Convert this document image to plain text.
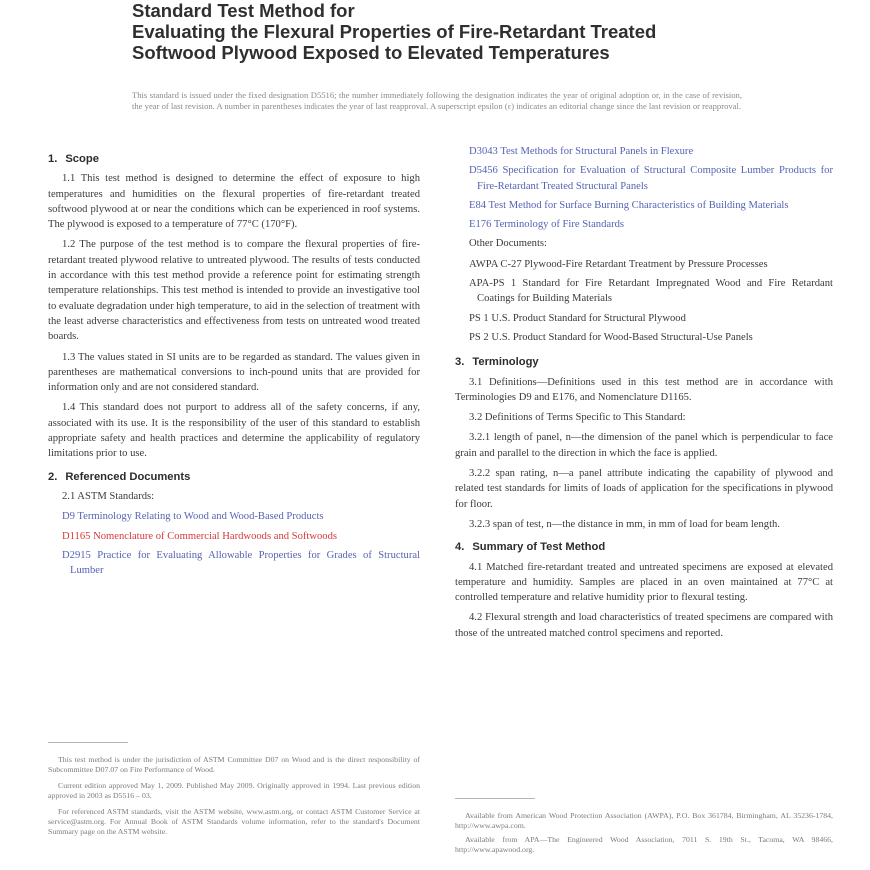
Standard Test Method for
Evaluating the Flexural Properties of Fire-Retardant Treated
Softwood Plywood Exposed to Elevated Temperatures
This standard is issued under the fixed designation D5516; the number immediately following the designation indicates the year of original adoption or, in the case of revision, the year of last revision. A number in parentheses indicates the year of last reapproval. A superscript epsilon (ε) indicates an editorial change since the last revision or reapproval.
1. Scope

1.1 This test method is designed to determine the effect of exposure to high temperatures and humidities on the flexural properties of fire-retardant treated softwood plywood at or near the conditions which can be experienced in roof systems. The plywood is exposed to a temperature of 77°C (170°F).

1.2 The purpose of the test method is to compare the flexural properties of fire-retardant treated plywood relative to untreated plywood. The results of tests conducted in accordance with this test method provide a reference point for estimating strength temperature relationships. This test method is intended to provide an investigative tool to evaluate degradation under high temperature, to aid in the selection of treatment with the least adverse characteristics and effectiveness from tests on untreated wood treated boards.

1.3 The values stated in SI units are to be regarded as standard. The values given in parentheses are mathematical conversions to inch-pound units that are provided for information only and are not considered standard.

1.4 This standard does not purport to address all of the safety concerns, if any, associated with its use. It is the responsibility of the user of this standard to establish appropriate safety and health practices and determine the applicability of regulatory limitations prior to use.

2. Referenced Documents
2.1 ASTM Standards:
D9 Terminology Relating to Wood and Wood-Based Products
D1165 Nomenclature of Commercial Hardwoods and Softwoods
D2915 Practice for Evaluating Allowable Properties for Grades of Structural Lumber

This test method is under the jurisdiction of ASTM Committee D07 on Wood and is the direct responsibility of Subcommittee D07.07 on Fire Performance of Wood.

Current edition approved May 1, 2009. Published May 2009. Originally approved in 1994. Last previous edition approved in 2003 as D5516 – 03.

For referenced ASTM standards, visit the ASTM website, www.astm.org, or contact ASTM Customer Service at service@astm.org. For Annual Book of ASTM Standards volume information, refer to the standard's Document Summary page on the ASTM website.

D3043 Test Methods for Structural Panels in Flexure
D5456 Specification for Evaluation of Structural Composite Lumber Products for Fire-Retardant Treated Structural Panels
E84 Test Method for Surface Burning Characteristics of Building Materials
E176 Terminology of Fire Standards
Other Documents:
AWPA C-27 Plywood-Fire Retardant Treatment by Pressure Processes
APA-PS 1 Standard for Fire Retardant Impregnated Wood and Fire Retardant Coatings for Building Materials
PS 1 U.S. Product Standard for Structural Plywood
PS 2 U.S. Product Standard for Wood-Based Structural-Use Panels
3. Terminology

3.1 Definitions—Definitions used in this test method are in accordance with Terminologies D9 and E176, and Nomenclature D1165.

3.2 Definitions of Terms Specific to This Standard:

3.2.1 length of panel, n—the dimension of the panel which is perpendicular to face grain and parallel to the direction in which the face is applied.

3.2.2 span rating, n—a panel attribute indicating the capability of plywood and related test standards for limits of loads of application for the specifications in plywood for floor.

3.2.3 span of test, n—the distance in mm, in mm of load for beam length.

4. Summary of Test Method

4.1 Matched fire-retardant treated and untreated specimens are exposed at elevated temperature and humidity. Samples are placed in an oven maintained at 77°C at controlled temperature and relative humidity prior to flexural testing.

4.2 Flexural strength and load characteristics of treated specimens are compared with those of the untreated matched control specimens and reported.

Available from American Wood Protection Association (AWPA), P.O. Box 361784, Birmingham, AL 35236-1784, http://www.awpa.com.

Available from APA—The Engineered Wood Association, 7011 S. 19th St., Tacoma, WA 98466, http://www.apawood.org.
